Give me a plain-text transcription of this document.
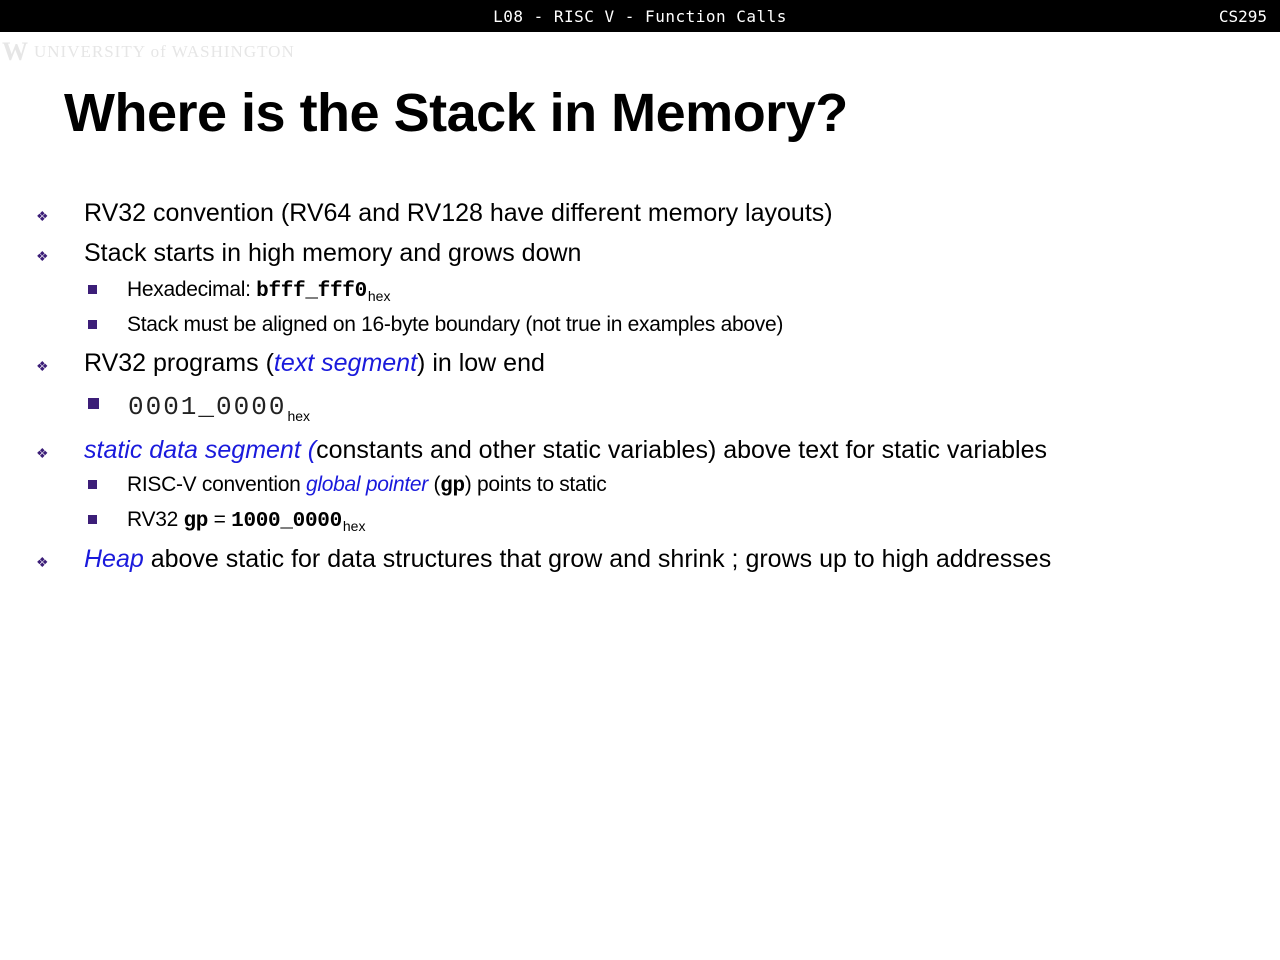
L08 - RISC V - Function Calls	CS295
W UNIVERSITY of WASHINGTON
Where is the Stack in Memory?
❖ RV32 convention (RV64 and RV128 have different memory layouts)
❖ Stack starts in high memory and grows down
Hexadecimal: $bfff\_fff0_{hex}$
Stack must be aligned on 16-byte boundary (not true in examples above)
❖ RV32 programs (text segment) in low end
$0001\_0000_{hex}$
❖ static data segment (constants and other static variables) above text for static variables
RISC-V convention global pointer (gp) points to static
RV32 gp = $1000\_0000_{hex}$
❖ Heap above static for data structures that grow and shrink ; grows up to high addresses
